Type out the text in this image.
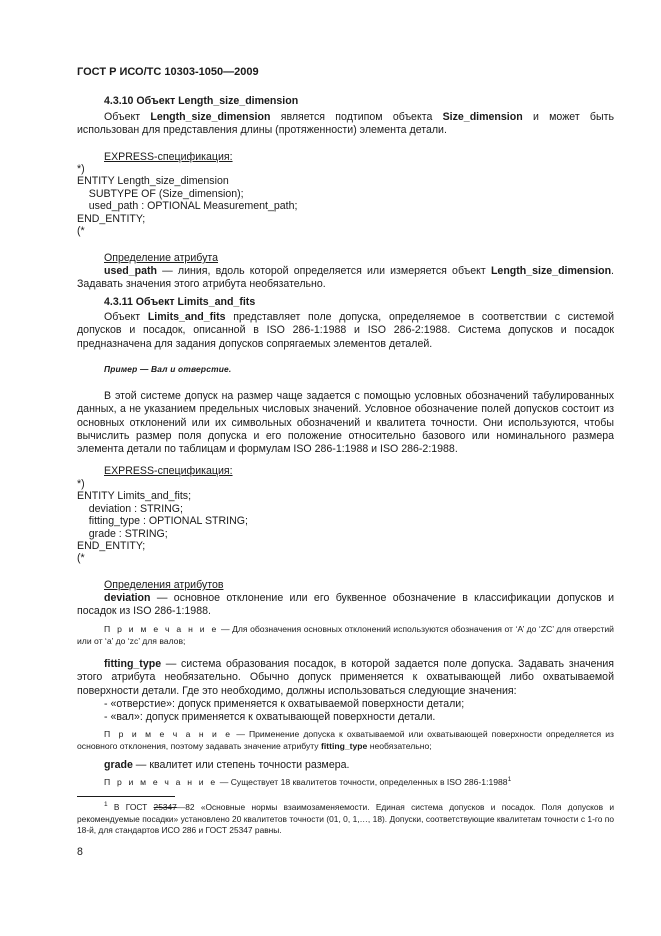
ГОСТ Р ИСО/ТС 10303-1050—2009
4.3.10 Объект Length_size_dimension
Объект Length_size_dimension является подтипом объекта Size_dimension и может быть использован для представления длины (протяженности) элемента детали.
EXPRESS-спецификация:
*)
ENTITY Length_size_dimension
SUBTYPE OF (Size_dimension);
used_path : OPTIONAL Measurement_path;
END_ENTITY;
(*
Определение атрибута
used_path — линия, вдоль которой определяется или измеряется объект Length_size_dimension. Задавать значения этого атрибута необязательно.
4.3.11 Объект Limits_and_fits
Объект Limits_and_fits представляет поле допуска, определяемое в соответствии с системой допусков и посадок, описанной в ISO 286-1:1988 и ISO 286-2:1988. Система допусков и посадок предназначена для задания допусков сопрягаемых элементов деталей.
Пример — Вал и отверстие.
В этой системе допуск на размер чаще задается с помощью условных обозначений табулированных данных, а не указанием предельных числовых значений. Условное обозначение полей допусков состоит из основных отклонений или их символьных обозначений и квалитета точности. Они используются, чтобы вычислить размер поля допуска и его положение относительно базового или номинального размера элемента детали по таблицам и формулам ISO 286-1:1988 и ISO 286-2:1988.
EXPRESS-спецификация:
*)
ENTITY Limits_and_fits;
deviation : STRING;
fitting_type : OPTIONAL STRING;
grade : STRING;
END_ENTITY;
(*
Определения атрибутов
deviation — основное отклонение или его буквенное обозначение в классификации допусков и посадок из ISO 286-1:1988.
П р и м е ч а н и е — Для обозначения основных отклонений используются обозначения от ‘A’ до ‘ZC’ для отверстий или от ‘a’ до ‘zc’ для валов;
fitting_type — система образования посадок, в которой задается поле допуска. Задавать значения этого атрибута необязательно. Обычно допуск применяется к охватывающей либо охватываемой поверхности детали. Где это необходимо, должны использоваться следующие значения:
- «отверстие»: допуск применяется к охватываемой поверхности детали;
- «вал»: допуск применяется к охватывающей поверхности детали.
П р и м е ч а н и е — Применение допуска к охватываемой или охватывающей поверхности определяется из основного отклонения, поэтому задавать значение атрибуту fitting_type необязательно;
grade — квалитет или степень точности размера.
П р и м е ч а н и е — Существует 18 квалитетов точности, определенных в ISO 286-1:1988$^1$
$^1$ В ГОСТ 25347—82 «Основные нормы взаимозаменяемости. Единая система допусков и посадок. Поля допусков и рекомендуемые посадки» установлено 20 квалитетов точности (01, 0, 1,…, 18). Допуски, соответствующие квалитетам точности с 1-го по 18-й, для стандартов ИСО 286 и ГОСТ 25347 равны.
8
